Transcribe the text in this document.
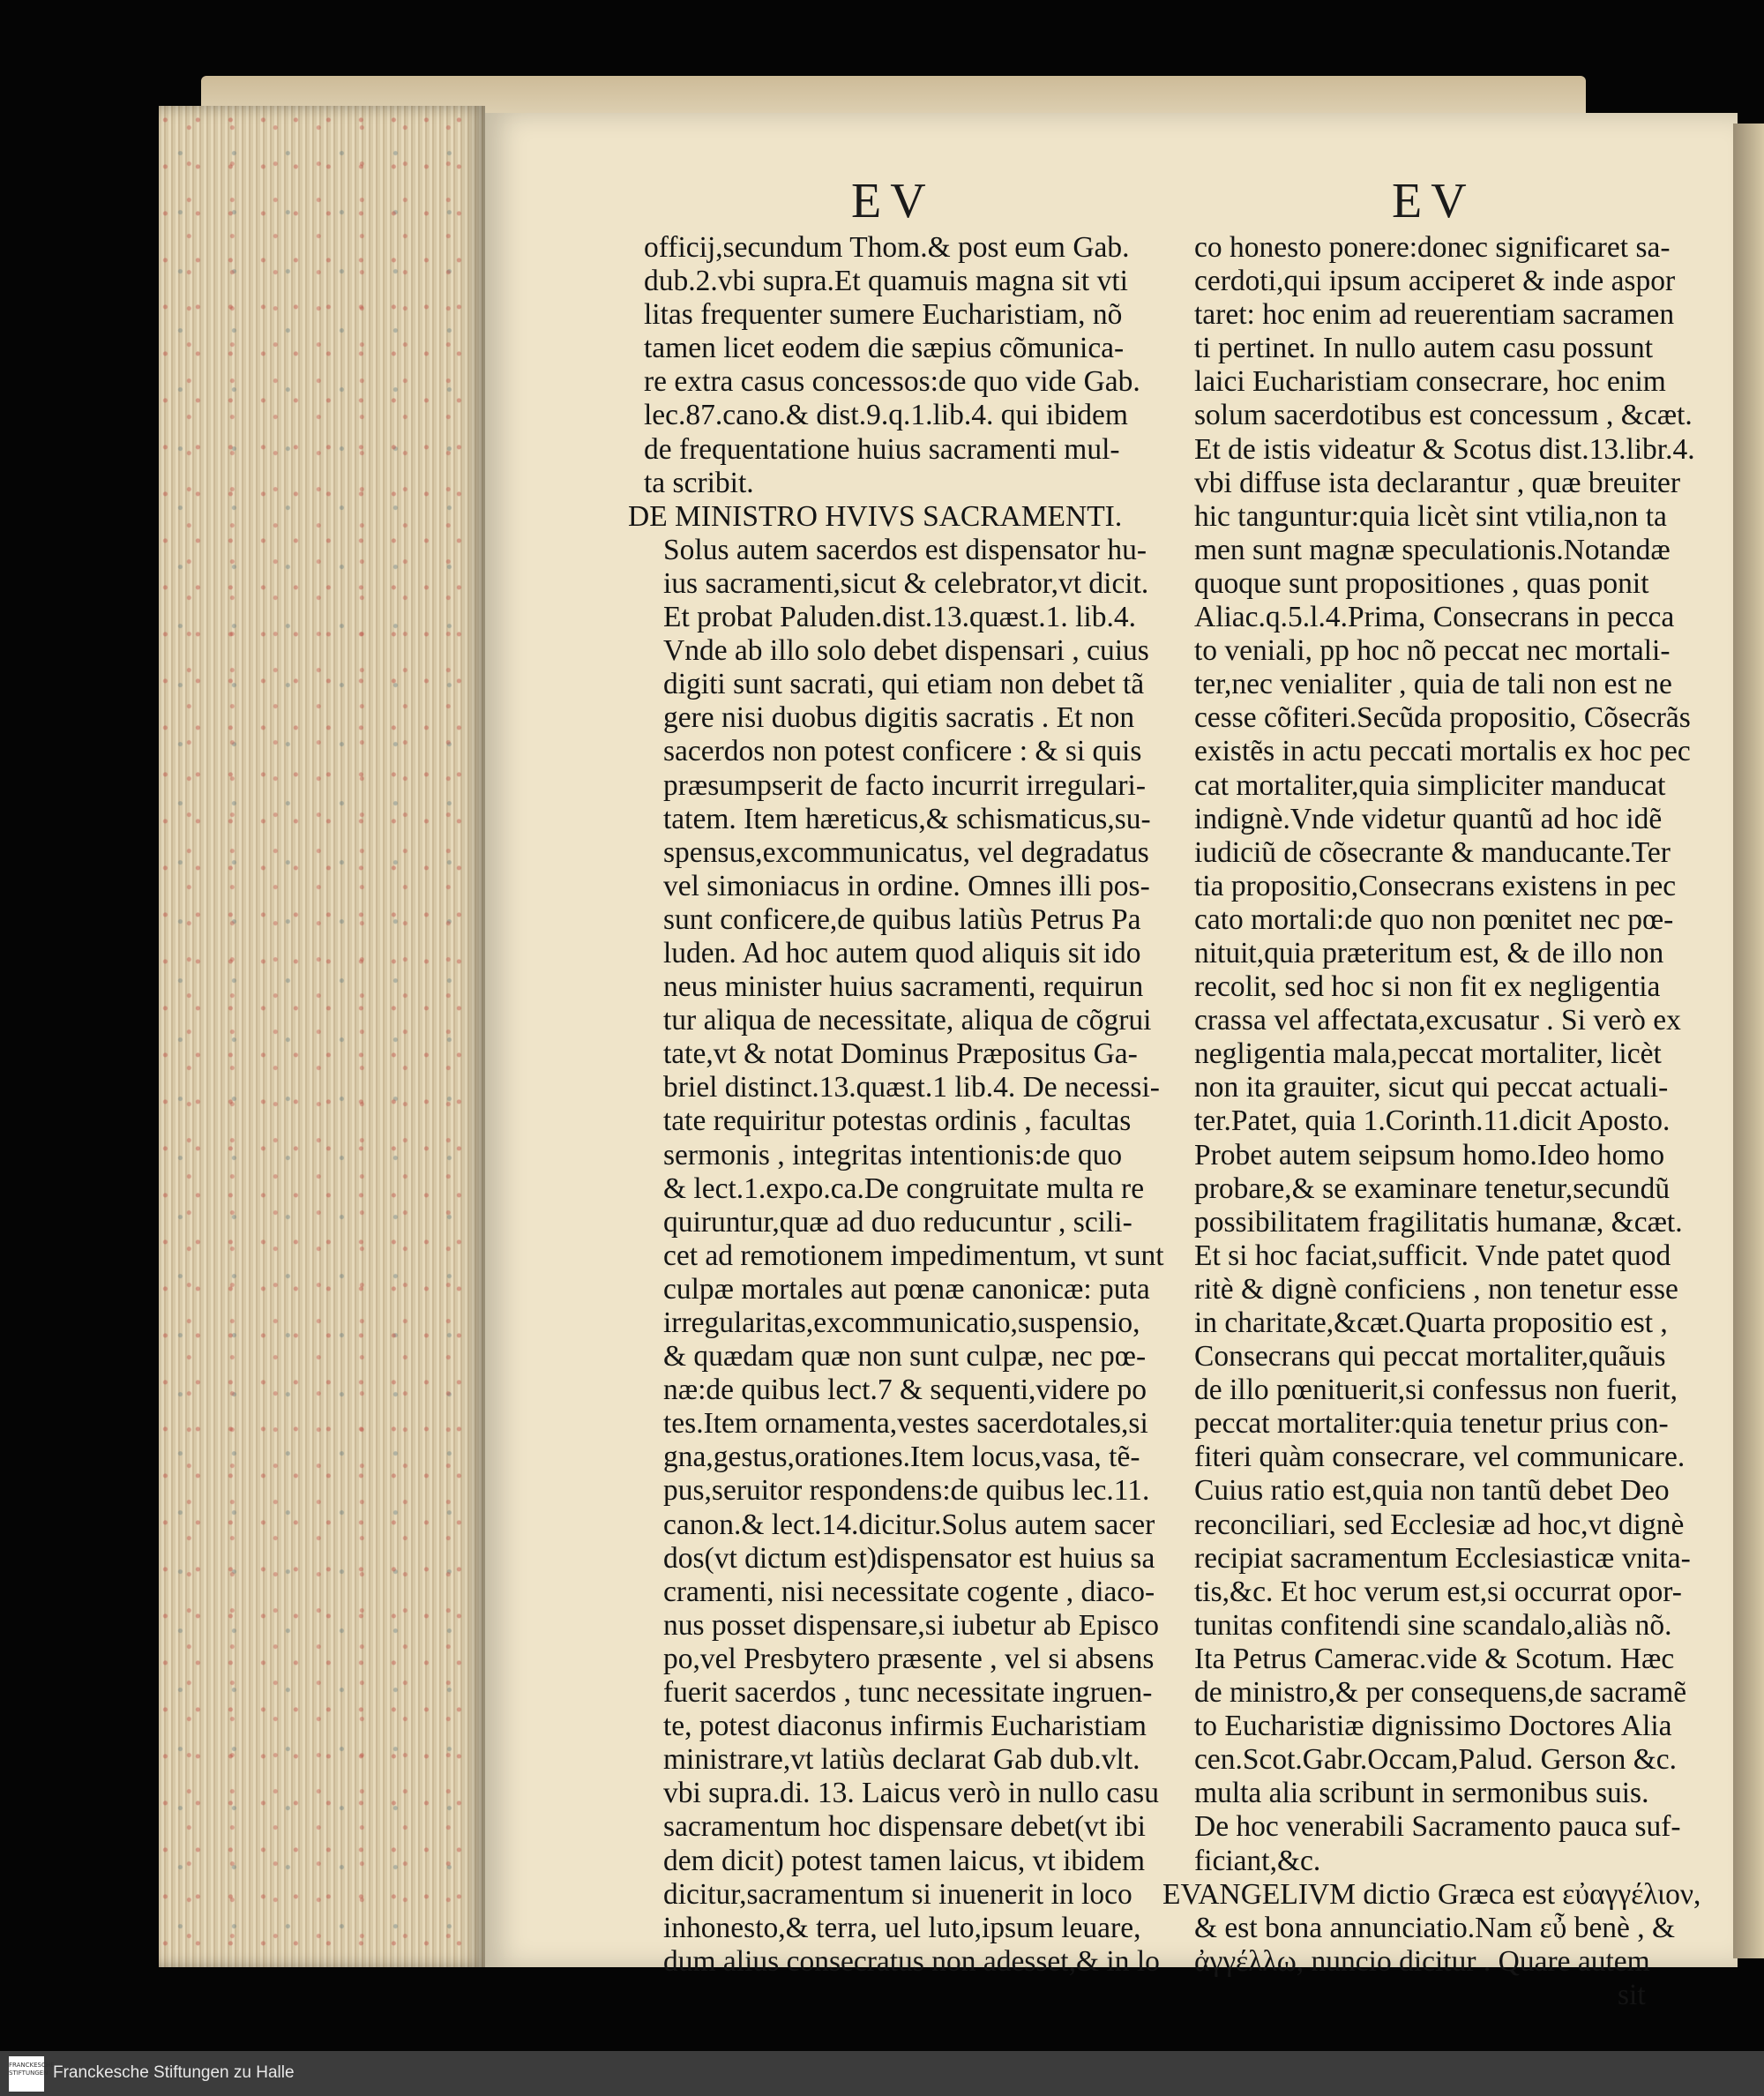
EV	EV
officij,secundum Thom.& post eum Gab.
dub.2.vbi supra.Et quamuis magna sit vti
litas frequenter sumere Eucharistiam, nõ
tamen licet eodem die sæpius cõmunica-
re extra casus concessos:de quo vide Gab.
lec.87.cano.& dist.9.q.1.lib.4. qui ibidem
de frequentatione huius sacramenti mul-
ta scribit.
DE MINISTRO HVIVS SACRAMENTI.
Solus autem sacerdos est dispensator hu-
ius sacramenti,sicut & celebrator,vt dicit.
Et probat Paluden.dist.13.quæst.1. lib.4.
Vnde ab illo solo debet dispensari , cuius
digiti sunt sacrati, qui etiam non debet tã
gere nisi duobus digitis sacratis . Et non
sacerdos non potest conficere : & si quis
præsumpserit de facto incurrit irregulari-
tatem. Item hæreticus,& schismaticus,su-
spensus,excommunicatus, vel degradatus
vel simoniacus in ordine. Omnes illi pos-
sunt conficere,de quibus latiùs Petrus Pa
luden. Ad hoc autem quod aliquis sit ido
neus minister huius sacramenti, requirun
tur aliqua de necessitate, aliqua de cõgrui
tate,vt & notat Dominus Præpositus Ga-
briel distinct.13.quæst.1 lib.4. De necessi-
tate requiritur potestas ordinis , facultas
sermonis , integritas intentionis:de quo
& lect.1.expo.ca.De congruitate multa re
quiruntur,quæ ad duo reducuntur , scili-
cet ad remotionem impedimentum, vt sunt
culpæ mortales aut pœnæ canonicæ: puta
irregularitas,excommunicatio,suspensio,
& quædam quæ non sunt culpæ, nec pœ-
næ:de quibus lect.7 & sequenti,videre po
tes.Item ornamenta,vestes sacerdotales,si
gna,gestus,orationes.Item locus,vasa, tẽ-
pus,seruitor respondens:de quibus lec.11.
canon.& lect.14.dicitur.Solus autem sacer
dos(vt dictum est)dispensator est huius sa
cramenti, nisi necessitate cogente , diaco-
nus posset dispensare,si iubetur ab Episco
po,vel Presbytero præsente , vel si absens
fuerit sacerdos , tunc necessitate ingruen-
te, potest diaconus infirmis Eucharistiam
ministrare,vt latiùs declarat Gab dub.vlt.
vbi supra.di. 13. Laicus verò in nullo casu
sacramentum hoc dispensare debet(vt ibi
dem dicit) potest tamen laicus, vt ibidem
dicitur,sacramentum si inuenerit in loco
inhonesto,& terra, uel luto,ipsum leuare,
dum alius consecratus non adesset,& in lo
co honesto ponere:donec significaret sa-
cerdoti,qui ipsum acciperet & inde aspor
taret: hoc enim ad reuerentiam sacramen
ti pertinet. In nullo autem casu possunt
laici Eucharistiam consecrare, hoc enim
solum sacerdotibus est concessum , &cæt.
Et de istis videatur & Scotus dist.13.libr.4.
vbi diffuse ista declarantur , quæ breuiter
hic tanguntur:quia licèt sint vtilia,non ta
men sunt magnæ speculationis.Notandæ
quoque sunt propositiones , quas ponit
Aliac.q.5.l.4.Prima, Consecrans in pecca
to veniali, pp hoc nõ peccat nec mortali-
ter,nec venialiter , quia de tali non est ne
cesse cõfiteri.Secũda propositio, Cõsecrãs
existẽs in actu peccati mortalis ex hoc pec
cat mortaliter,quia simpliciter manducat
indignè.Vnde videtur quantũ ad hoc idẽ
iudiciũ de cõsecrante & manducante.Ter
tia propositio,Consecrans existens in pec
cato mortali:de quo non pœnitet nec pœ-
nituit,quia præteritum est, & de illo non
recolit, sed hoc si non fit ex negligentia
crassa vel affectata,excusatur . Si verò ex
negligentia mala,peccat mortaliter, licèt
non ita grauiter, sicut qui peccat actuali-
ter.Patet, quia 1.Corinth.11.dicit Aposto.
Probet autem seipsum homo.Ideo homo
probare,& se examinare tenetur,secundũ
possibilitatem fragilitatis humanæ, &cæt.
Et si hoc faciat,sufficit. Vnde patet quod
ritè & dignè conficiens , non tenetur esse
in charitate,&cæt.Quarta propositio est ,
Consecrans qui peccat mortaliter,quãuis
de illo pœnituerit,si confessus non fuerit,
peccat mortaliter:quia tenetur prius con-
fiteri quàm consecrare, vel communicare.
Cuius ratio est,quia non tantũ debet Deo
reconciliari, sed Ecclesiæ ad hoc,vt dignè
recipiat sacramentum Ecclesiasticæ vnita-
tis,&c. Et hoc verum est,si occurrat opor-
tunitas confitendi sine scandalo,aliàs nõ.
Ita Petrus Camerac.vide & Scotum. Hæc
de ministro,& per consequens,de sacramẽ
to Eucharistiæ dignissimo Doctores Alia
cen.Scot.Gabr.Occam,Palud. Gerson &c.
multa alia scribunt in sermonibus suis.
De hoc venerabili Sacramento pauca suf-
ficiant,&c.
EVANGELIVM dictio Græca est εὐαγγέλιον,
& est bona annunciatio.Nam εὖ benè , &
ἀγγέλλω, nuncio dicitur . Quare autem
sit
FRANCKESCHE STIFTUNGEN Franckesche Stiftungen zu Halle
